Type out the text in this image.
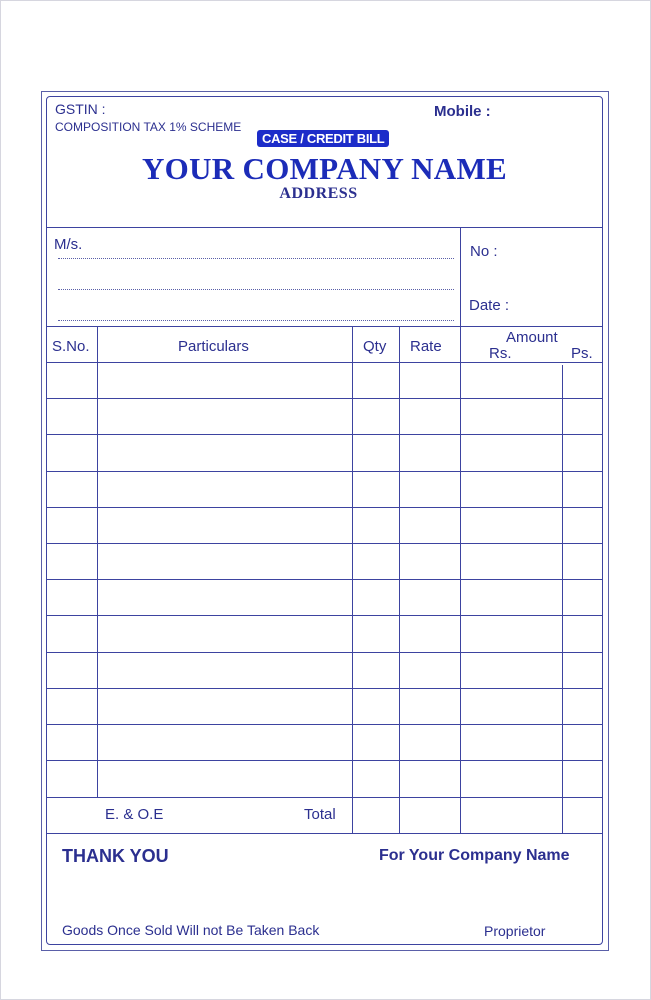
GSTIN :
COMPOSITION TAX 1% SCHEME
Mobile :
CASE / CREDIT BILL
YOUR COMPANY NAME
ADDRESS
M/s.	No :
Date :
S.No.	Particulars	Qty Rate
Amount
Rs.	Ps.
E. & O.E	Total
THANK YOU	For Your Company Name
Goods Once Sold Will not Be Taken Back	Proprietor
